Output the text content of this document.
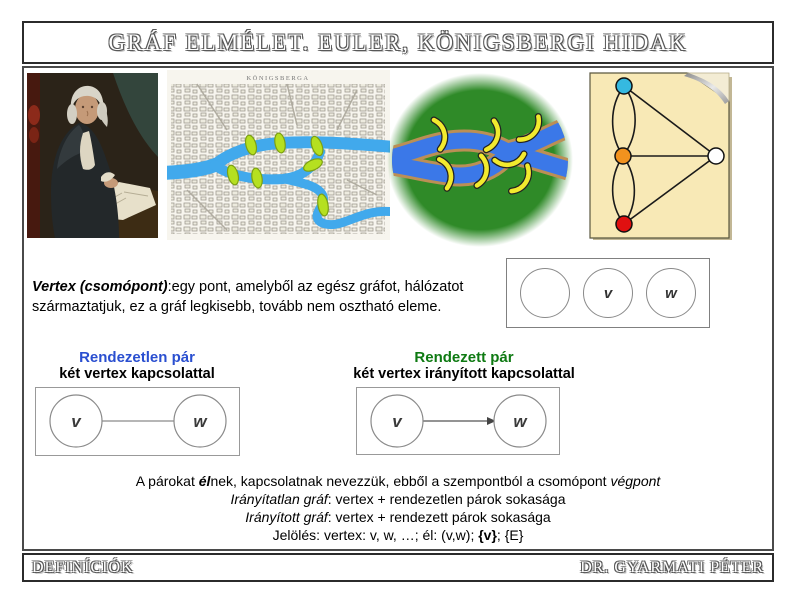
GRÁF ELMÉLET. EULER, KÖNIGSBERGI HIDAK
KÖNIGSBERGA

Vertex (csomópont):egy pont, amelyből az egész gráfot, hálózatot származtatjuk, ez a gráf legkisebb, tovább nem osztható eleme.

v	w
Rendezetlen pár
két vertex kapcsolattal
v	w
Rendezett pár
két vertex irányított kapcsolattal
v	w
A párokat élnek, kapcsolatnak nevezzük, ebből a szempontból a csomópont végpont
Irányítatlan gráf: vertex + rendezetlen párok sokasága
Irányított gráf: vertex + rendezett párok sokasága
Jelölés: vertex: v, w, …; él: (v,w); {v}; {E}
DEFINÍCIÓK	DR. GYARMATI PÉTER
